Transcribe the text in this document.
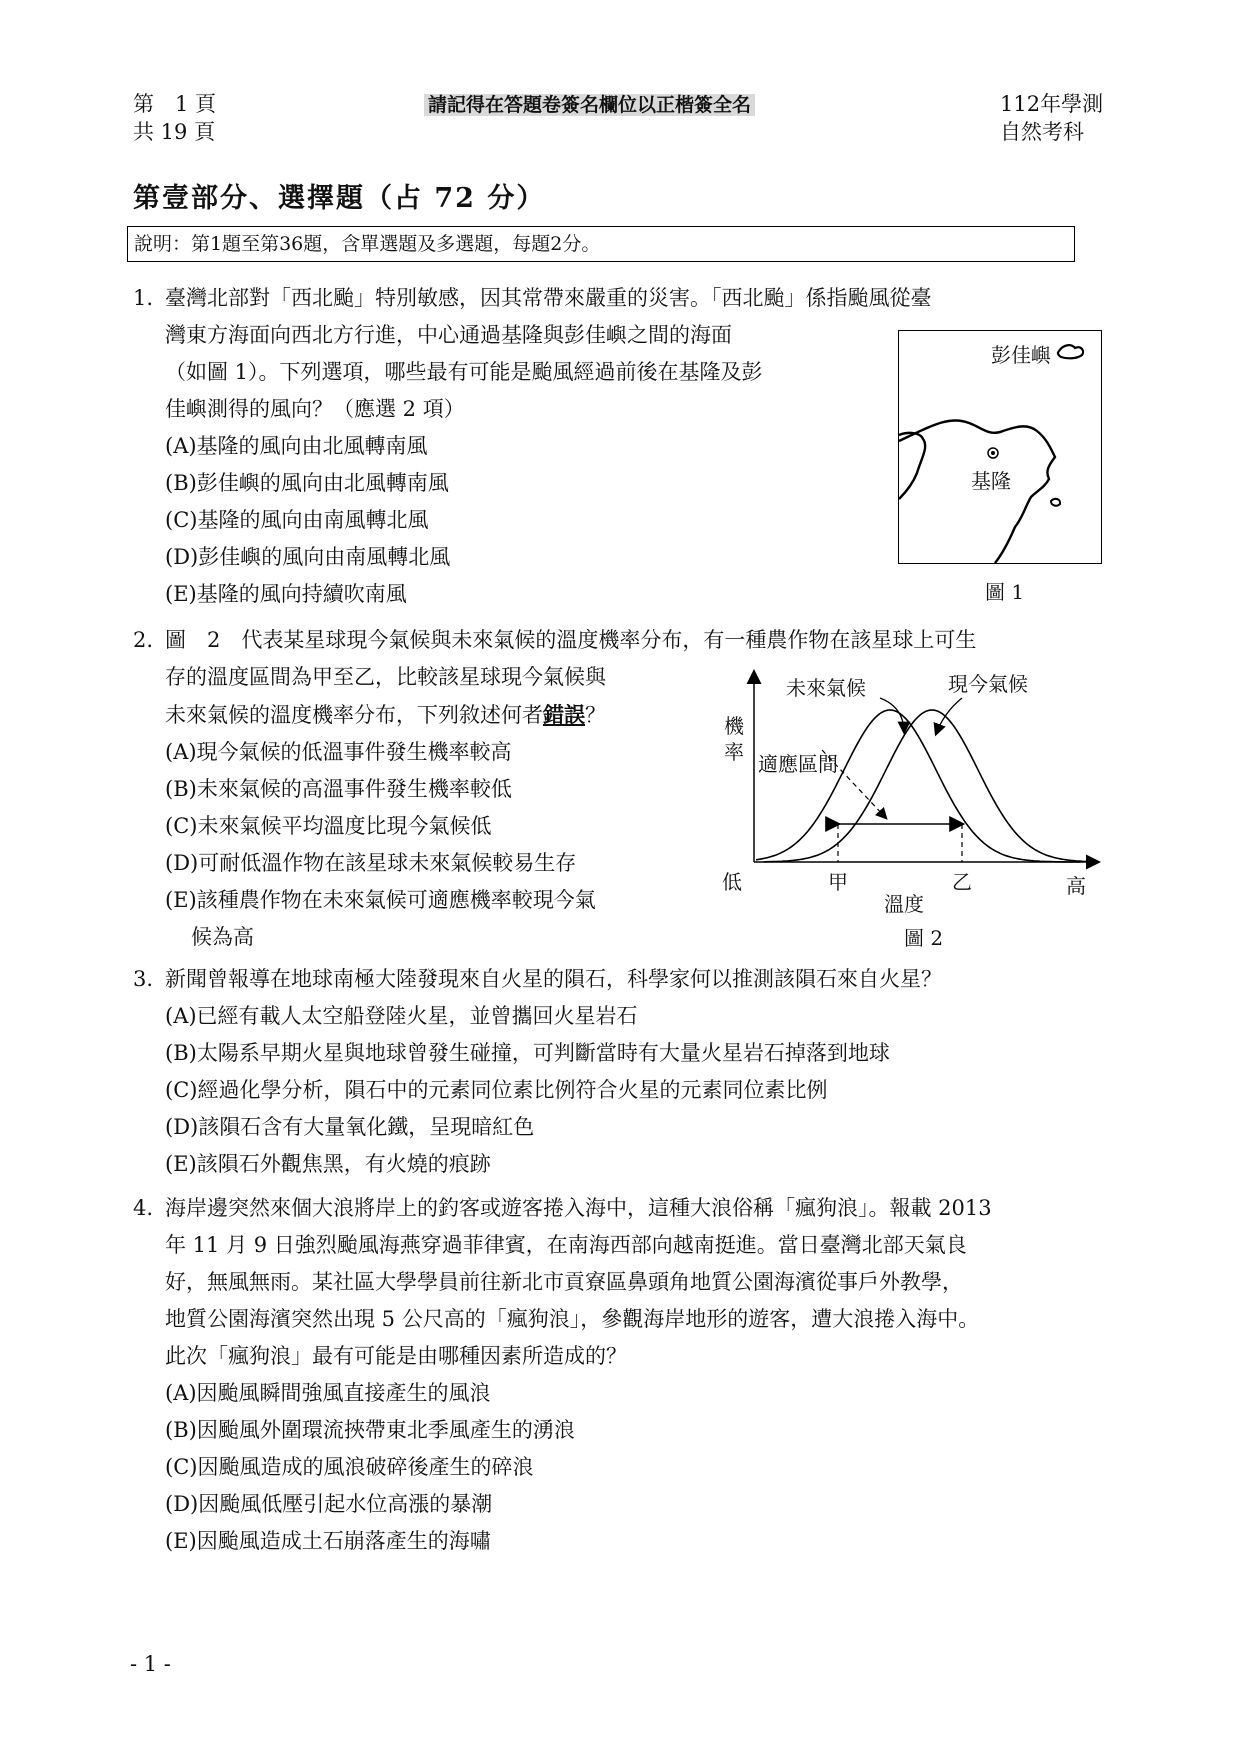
第　1 頁
共 19 頁
請記得在答題卷簽名欄位以正楷簽全名	112年學測
自然考科
第壹部分、選擇題（占 72 分）
說明：第1題至第36題，含單選題及多選題，每題2分。
1. 臺灣北部對「西北颱」特別敏感，因其常帶來嚴重的災害。「西北颱」係指颱風從臺
灣東方海面向西北方行進，中心通過基隆與彭佳嶼之間的海面
（如圖 1）。下列選項，哪些最有可能是颱風經過前後在基隆及彭
佳嶼測得的風向？（應選 2 項）
(A)基隆的風向由北風轉南風
(B)彭佳嶼的風向由北風轉南風
(C)基隆的風向由南風轉北風
(D)彭佳嶼的風向由南風轉北風
(E)基隆的風向持續吹南風
彭佳嶼
基隆
圖 1
2. 圖　2　代表某星球現今氣候與未來氣候的溫度機率分布，有一種農作物在該星球上可生
存的溫度區間為甲至乙，比較該星球現今氣候與
未來氣候的溫度機率分布，下列敘述何者錯誤？
(A)現今氣候的低溫事件發生機率較高
(B)未來氣候的高溫事件發生機率較低
(C)未來氣候平均溫度比現今氣候低
(D)可耐低溫作物在該星球未來氣候較易生存
(E)該種農作物在未來氣候可適應機率較現今氣
候為高
未來氣候	現今氣候
機
率 適應區間
低	甲	乙	高
溫度
圖 2
3. 新聞曾報導在地球南極大陸發現來自火星的隕石，科學家何以推測該隕石來自火星？
(A)已經有載人太空船登陸火星，並曾攜回火星岩石
(B)太陽系早期火星與地球曾發生碰撞，可判斷當時有大量火星岩石掉落到地球
(C)經過化學分析，隕石中的元素同位素比例符合火星的元素同位素比例
(D)該隕石含有大量氧化鐵，呈現暗紅色
(E)該隕石外觀焦黑，有火燒的痕跡
4. 海岸邊突然來個大浪將岸上的釣客或遊客捲入海中，這種大浪俗稱「瘋狗浪」。報載 2013
年 11 月 9 日強烈颱風海燕穿過菲律賓，在南海西部向越南挺進。當日臺灣北部天氣良
好，無風無雨。某社區大學學員前往新北市貢寮區鼻頭角地質公園海濱從事戶外教學，
地質公園海濱突然出現 5 公尺高的「瘋狗浪」，參觀海岸地形的遊客，遭大浪捲入海中。
此次「瘋狗浪」最有可能是由哪種因素所造成的？
(A)因颱風瞬間強風直接產生的風浪
(B)因颱風外圍環流挾帶東北季風產生的湧浪
(C)因颱風造成的風浪破碎後產生的碎浪
(D)因颱風低壓引起水位高漲的暴潮
(E)因颱風造成土石崩落產生的海嘯
- 1 -
